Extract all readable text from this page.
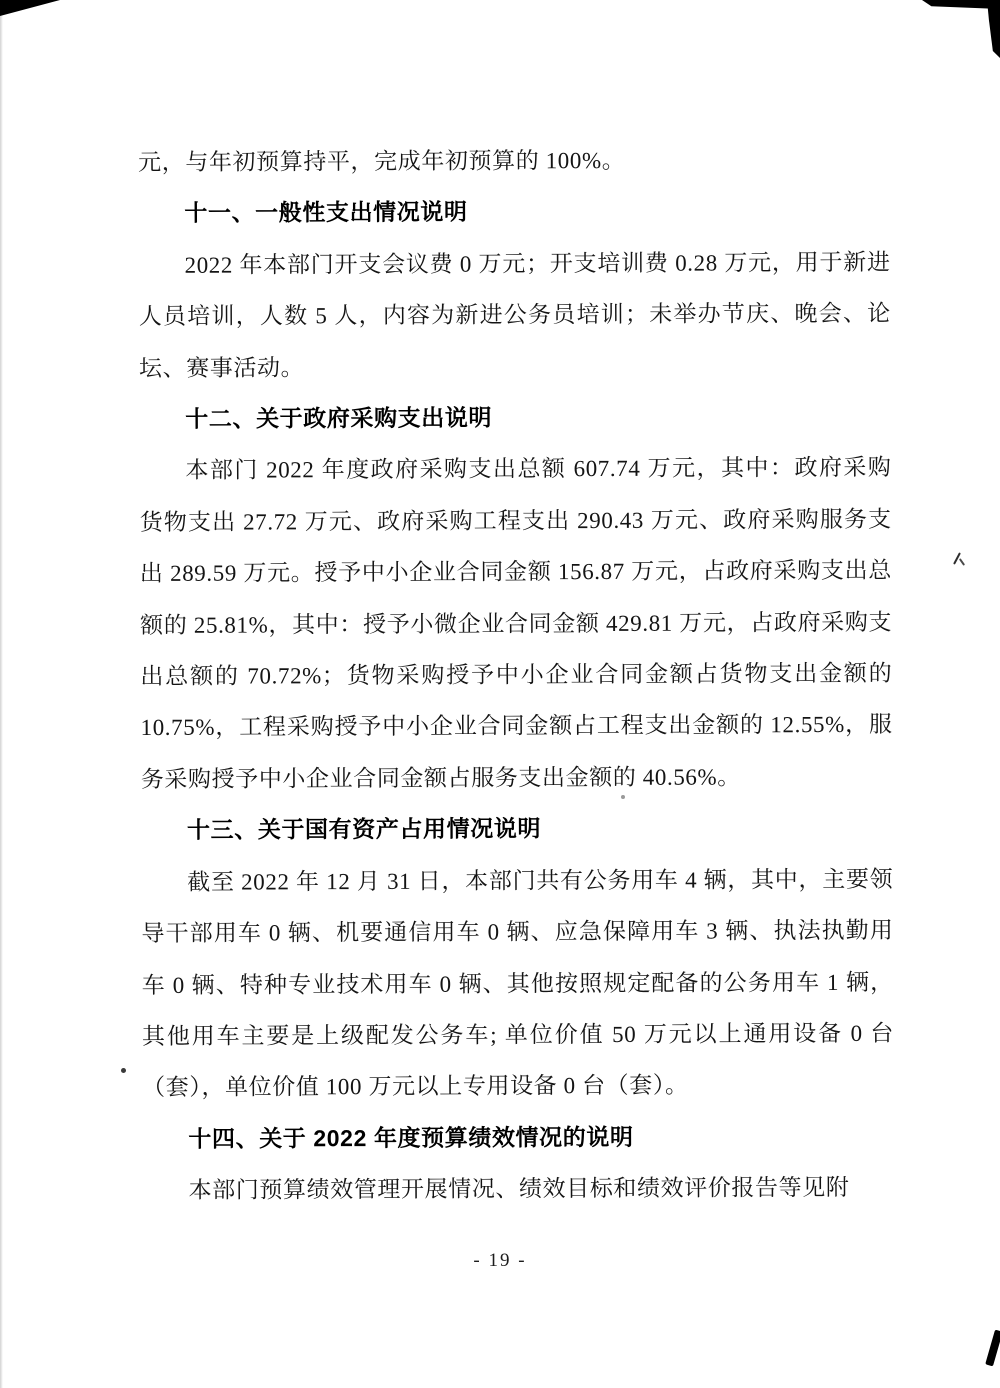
元，与年初预算持平，完成年初预算的 100%。

十一、一般性支出情况说明

2022 年本部门开支会议费 0 万元；开支培训费 0.28 万元，用于新进人员培训，人数 5 人，内容为新进公务员培训；未举办节庆、晚会、论坛、赛事活动。

十二、关于政府采购支出说明

本部门 2022 年度政府采购支出总额 607.74 万元，其中：政府采购货物支出 27.72 万元、政府采购工程支出 290.43 万元、政府采购服务支出 289.59 万元。授予中小企业合同金额 156.87 万元，占政府采购支出总额的 25.81%，其中：授予小微企业合同金额 429.81 万元，占政府采购支出总额的 70.72%；货物采购授予中小企业合同金额占货物支出金额的 10.75%，工程采购授予中小企业合同金额占工程支出金额的 12.55%，服务采购授予中小企业合同金额占服务支出金额的 40.56%。

十三、关于国有资产占用情况说明

截至 2022 年 12 月 31 日，本部门共有公务用车 4 辆，其中，主要领导干部用车 0 辆、机要通信用车 0 辆、应急保障用车 3 辆、执法执勤用车 0 辆、特种专业技术用车 0 辆、其他按照规定配备的公务用车 1 辆，其他用车主要是上级配发公务车; 单位价值 50 万元以上通用设备 0 台（套），单位价值 100 万元以上专用设备 0 台（套）。

十四、关于 2022 年度预算绩效情况的说明

本部门预算绩效管理开展情况、绩效目标和绩效评价报告等见附

- 19 -
